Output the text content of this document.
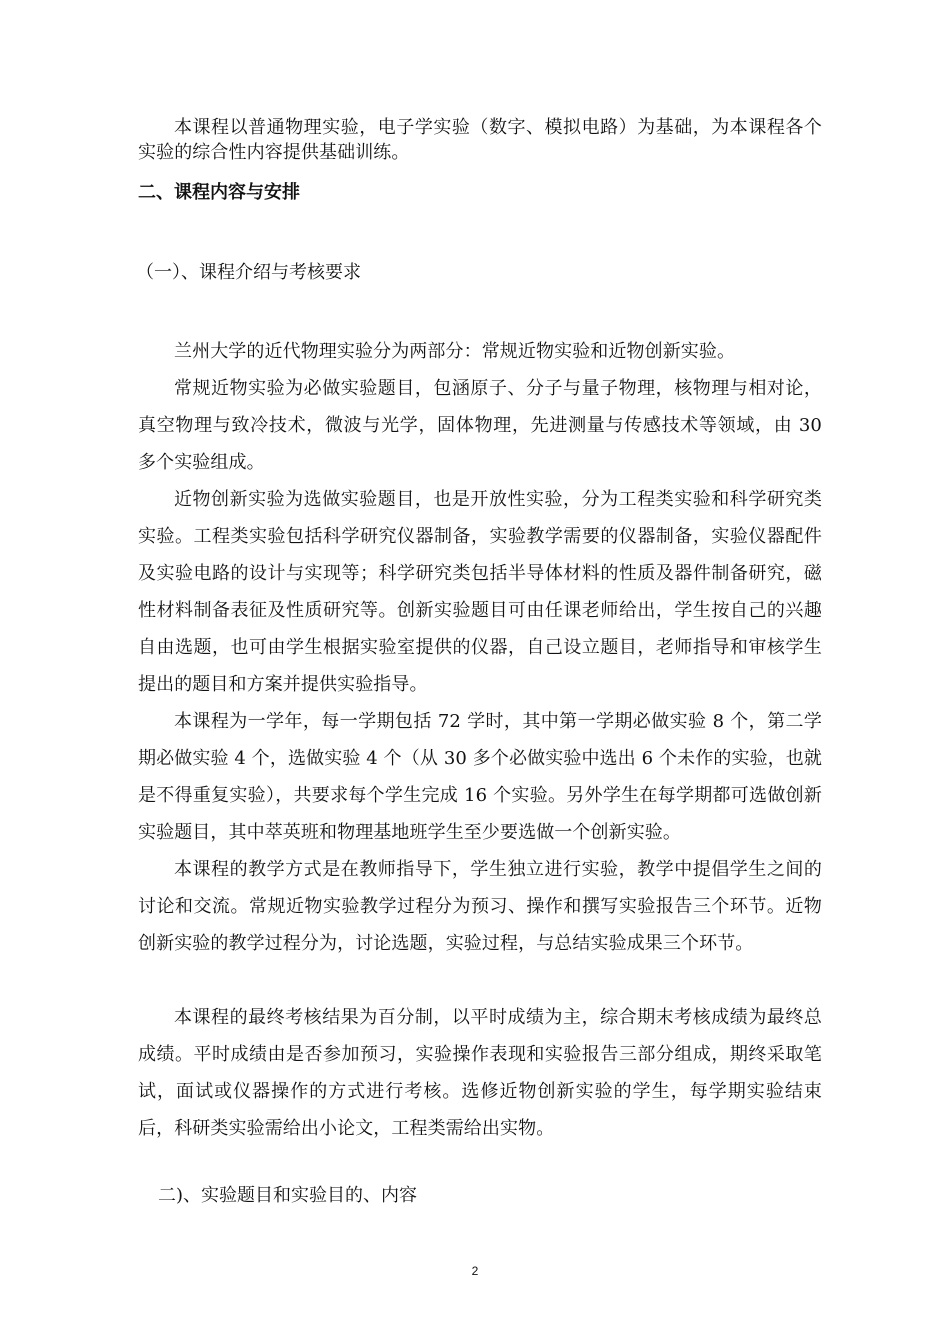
本课程以普通物理实验，电子学实验（数字、模拟电路）为基础，为本课程各个实验的综合性内容提供基础训练。

二、课程内容与安排
（一）、课程介绍与考核要求

兰州大学的近代物理实验分为两部分：常规近物实验和近物创新实验。

常规近物实验为必做实验题目，包涵原子、分子与量子物理，核物理与相对论，真空物理与致冷技术，微波与光学，固体物理，先进测量与传感技术等领域，由 30 多个实验组成。

近物创新实验为选做实验题目，也是开放性实验，分为工程类实验和科学研究类实验。工程类实验包括科学研究仪器制备，实验教学需要的仪器制备，实验仪器配件及实验电路的设计与实现等；科学研究类包括半导体材料的性质及器件制备研究，磁性材料制备表征及性质研究等。创新实验题目可由任课老师给出，学生按自己的兴趣自由选题，也可由学生根据实验室提供的仪器，自己设立题目，老师指导和审核学生提出的题目和方案并提供实验指导。

本课程为一学年，每一学期包括 72 学时，其中第一学期必做实验 8 个，第二学期必做实验 4 个，选做实验 4 个（从 30 多个必做实验中选出 6 个未作的实验，也就是不得重复实验），共要求每个学生完成 16 个实验。另外学生在每学期都可选做创新实验题目，其中萃英班和物理基地班学生至少要选做一个创新实验。

本课程的教学方式是在教师指导下，学生独立进行实验，教学中提倡学生之间的讨论和交流。常规近物实验教学过程分为预习、操作和撰写实验报告三个环节。近物创新实验的教学过程分为，讨论选题，实验过程，与总结实验成果三个环节。

本课程的最终考核结果为百分制，以平时成绩为主，综合期末考核成绩为最终总成绩。平时成绩由是否参加预习，实验操作表现和实验报告三部分组成，期终采取笔试，面试或仪器操作的方式进行考核。选修近物创新实验的学生，每学期实验结束后，科研类实验需给出小论文，工程类需给出实物。

二)、实验题目和实验目的、内容
2
